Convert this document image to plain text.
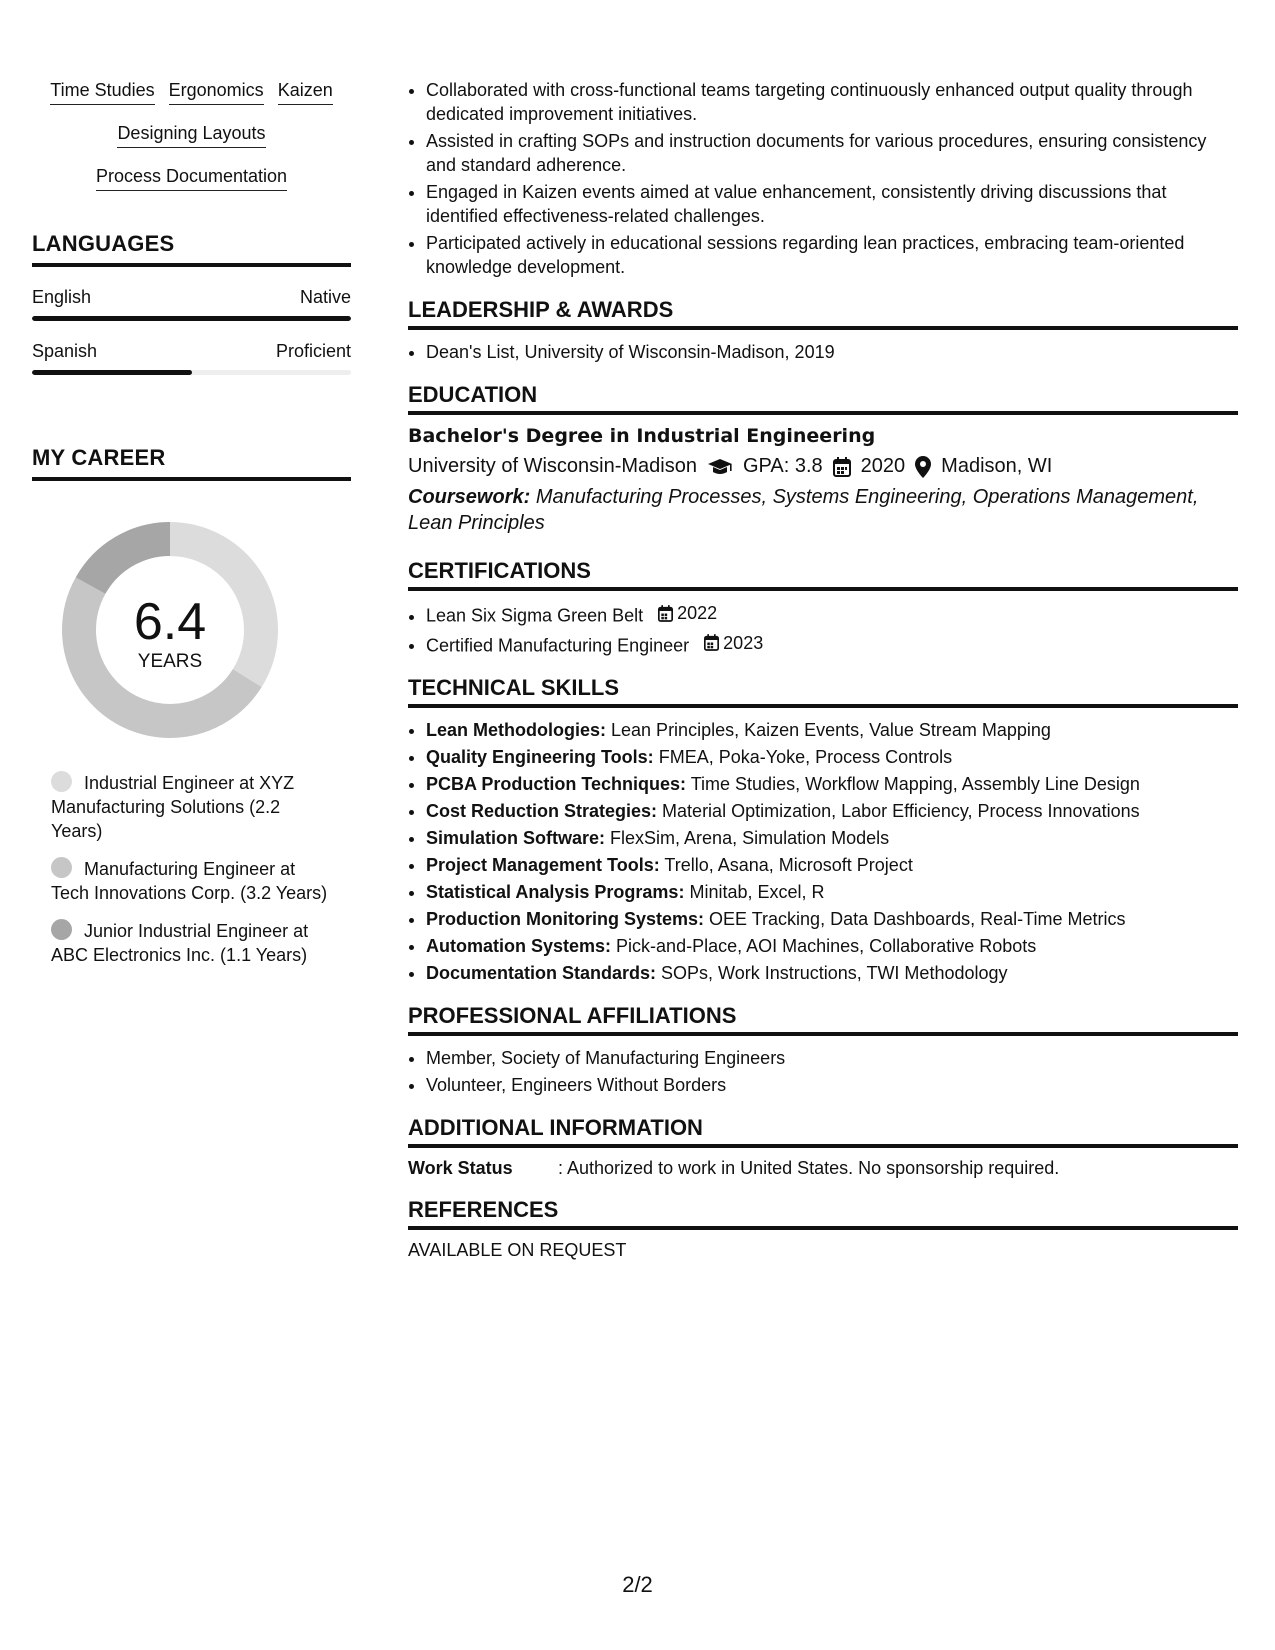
Time Studies Ergonomics Kaizen
Designing Layouts
Process Documentation
LANGUAGES
English	Native
Spanish	Proficient
MY CAREER
6.4
YEARS
Industrial Engineer at XYZ Manufacturing Solutions (2.2 Years)
Manufacturing Engineer at Tech Innovations Corp. (3.2 Years)
Junior Industrial Engineer at ABC Electronics Inc. (1.1 Years)
• Collaborated with cross-functional teams targeting continuously enhanced output quality through dedicated improvement initiatives.
• Assisted in crafting SOPs and instruction documents for various procedures, ensuring consistency and standard adherence.
• Engaged in Kaizen events aimed at value enhancement, consistently driving discussions that identified effectiveness-related challenges.
• Participated actively in educational sessions regarding lean practices, embracing team-oriented knowledge development.
LEADERSHIP & AWARDS
• Dean's List, University of Wisconsin-Madison, 2019
EDUCATION
Bachelor's Degree in Industrial Engineering
University of Wisconsin-Madison GPA: 3.8 2020 Madison, WI
Coursework: Manufacturing Processes, Systems Engineering, Operations Management, Lean Principles
CERTIFICATIONS
• Lean Six Sigma Green Belt 2022
• Certified Manufacturing Engineer 2023
TECHNICAL SKILLS
• Lean Methodologies: Lean Principles, Kaizen Events, Value Stream Mapping
• Quality Engineering Tools: FMEA, Poka-Yoke, Process Controls
• PCBA Production Techniques: Time Studies, Workflow Mapping, Assembly Line Design
• Cost Reduction Strategies: Material Optimization, Labor Efficiency, Process Innovations
• Simulation Software: FlexSim, Arena, Simulation Models
• Project Management Tools: Trello, Asana, Microsoft Project
• Statistical Analysis Programs: Minitab, Excel, R
• Production Monitoring Systems: OEE Tracking, Data Dashboards, Real-Time Metrics
• Automation Systems: Pick-and-Place, AOI Machines, Collaborative Robots
• Documentation Standards: SOPs, Work Instructions, TWI Methodology
PROFESSIONAL AFFILIATIONS
• Member, Society of Manufacturing Engineers
• Volunteer, Engineers Without Borders
ADDITIONAL INFORMATION
Work Status	: Authorized to work in United States. No sponsorship required.
REFERENCES
AVAILABLE ON REQUEST
2/2
